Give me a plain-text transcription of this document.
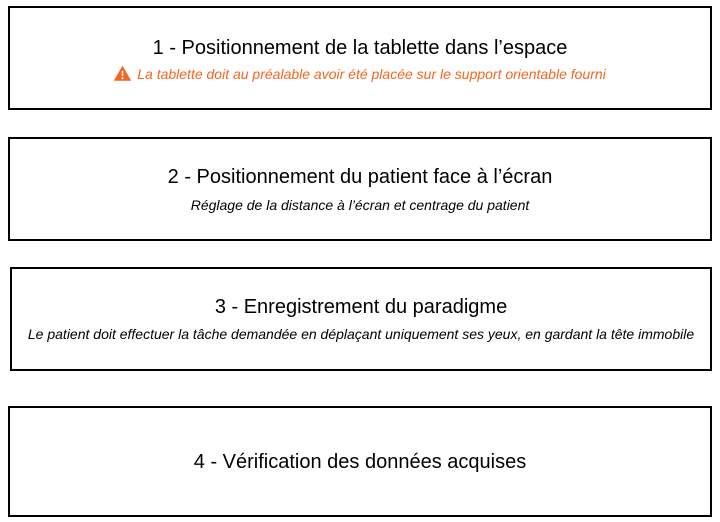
1 - Positionnement de la tablette dans l’espace
La tablette doit au préalable avoir été placée sur le support orientable fourni
2 - Positionnement du patient face à l’écran
Réglage de la distance à l’écran et centrage du patient
3 - Enregistrement du paradigme
Le patient doit effectuer la tâche demandée en déplaçant uniquement ses yeux, en gardant la tête immobile
4 - Vérification des données acquises
